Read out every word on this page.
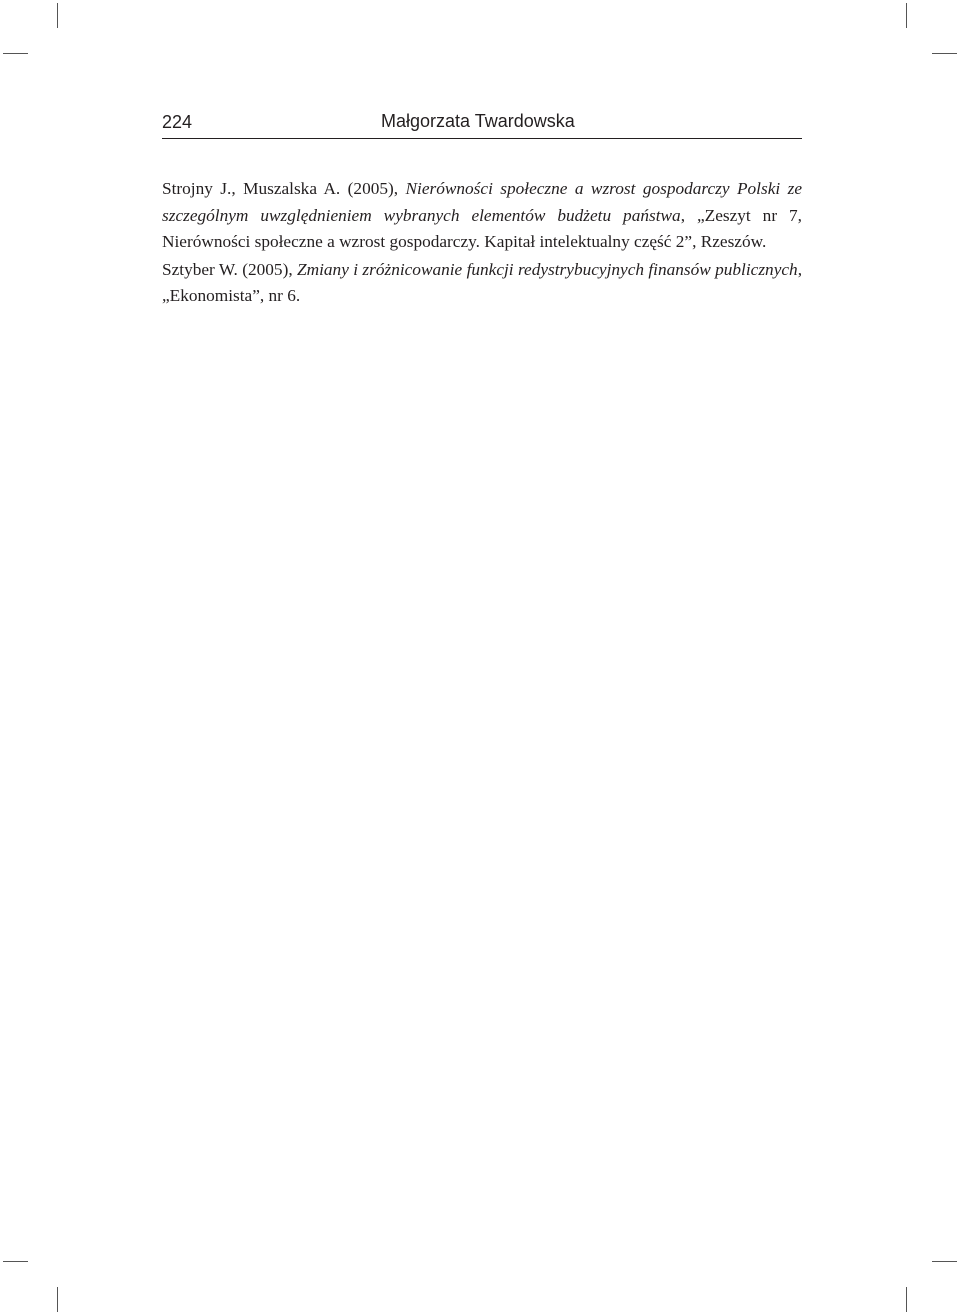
224	Małgorzata Twardowska

Strojny J., Muszalska A. (2005), Nierówności społeczne a wzrost gospodarczy Polski ze szczególnym uwzględnieniem wybranych elementów budżetu państwa, „Zeszyt nr 7, Nierówności społeczne a wzrost gospodarczy. Kapitał intelektualny część 2”, Rzeszów.

Sztyber W. (2005), Zmiany i zróżnicowanie funkcji redystrybucyjnych finansów publicznych, „Ekonomista”, nr 6.
